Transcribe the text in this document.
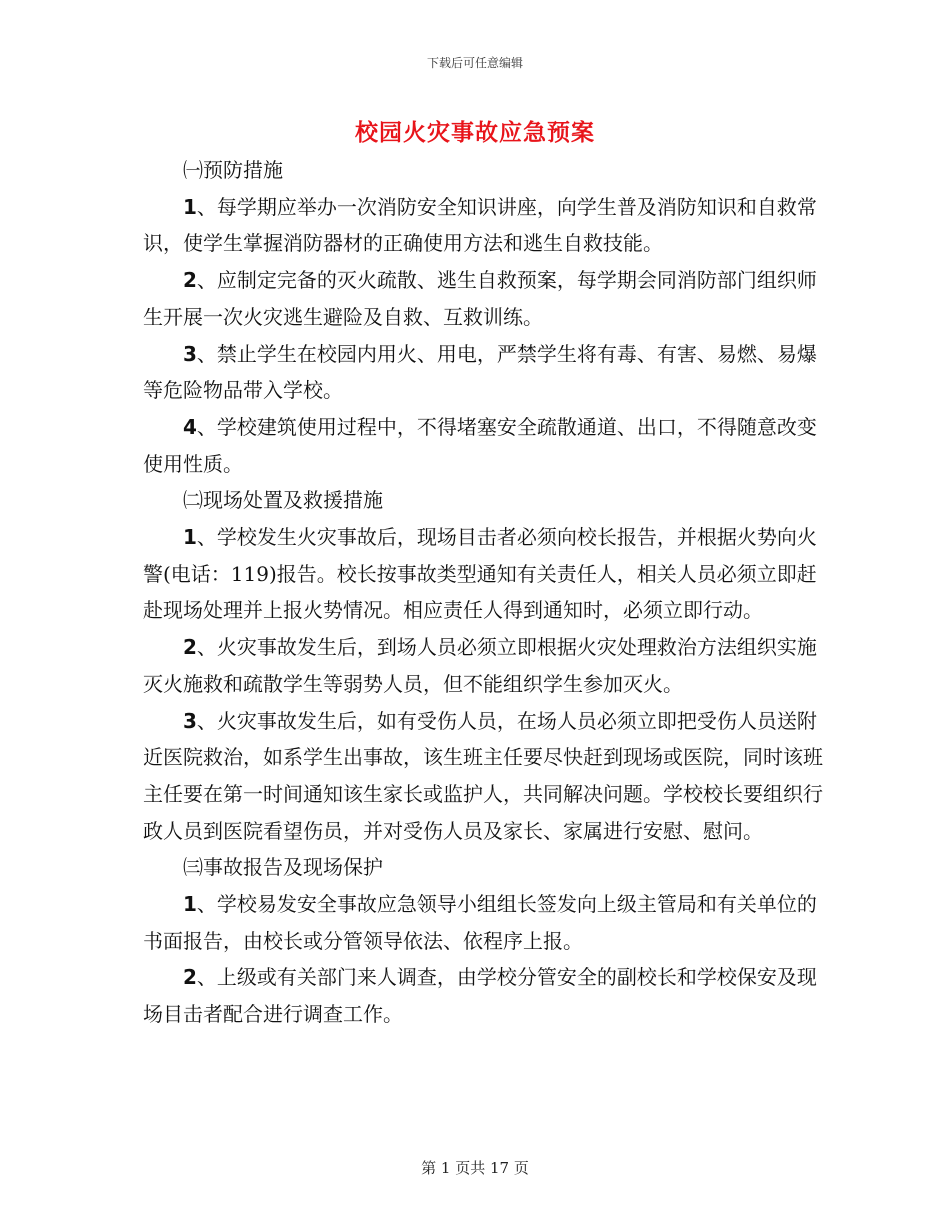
下载后可任意编辑
校园火灾事故应急预案

㈠预防措施

1、每学期应举办一次消防安全知识讲座，向学生普及消防知识和自救常识，使学生掌握消防器材的正确使用方法和逃生自救技能。

2、应制定完备的灭火疏散、逃生自救预案，每学期会同消防部门组织师生开展一次火灾逃生避险及自救、互救训练。

3、禁止学生在校园内用火、用电，严禁学生将有毒、有害、易燃、易爆等危险物品带入学校。

4、学校建筑使用过程中，不得堵塞安全疏散通道、出口，不得随意改变使用性质。

㈡现场处置及救援措施

1、学校发生火灾事故后，现场目击者必须向校长报告，并根据火势向火警(电话：119)报告。校长按事故类型通知有关责任人，相关人员必须立即赶赴现场处理并上报火势情况。相应责任人得到通知时，必须立即行动。

2、火灾事故发生后，到场人员必须立即根据火灾处理救治方法组织实施灭火施救和疏散学生等弱势人员，但不能组织学生参加灭火。

3、火灾事故发生后，如有受伤人员，在场人员必须立即把受伤人员送附近医院救治，如系学生出事故，该生班主任要尽快赶到现场或医院，同时该班主任要在第一时间通知该生家长或监护人，共同解决问题。学校校长要组织行政人员到医院看望伤员，并对受伤人员及家长、家属进行安慰、慰问。

㈢事故报告及现场保护

1、学校易发安全事故应急领导小组组长签发向上级主管局和有关单位的书面报告，由校长或分管领导依法、依程序上报。

2、上级或有关部门来人调查，由学校分管安全的副校长和学校保安及现场目击者配合进行调查工作。

第 1 页共 17 页
